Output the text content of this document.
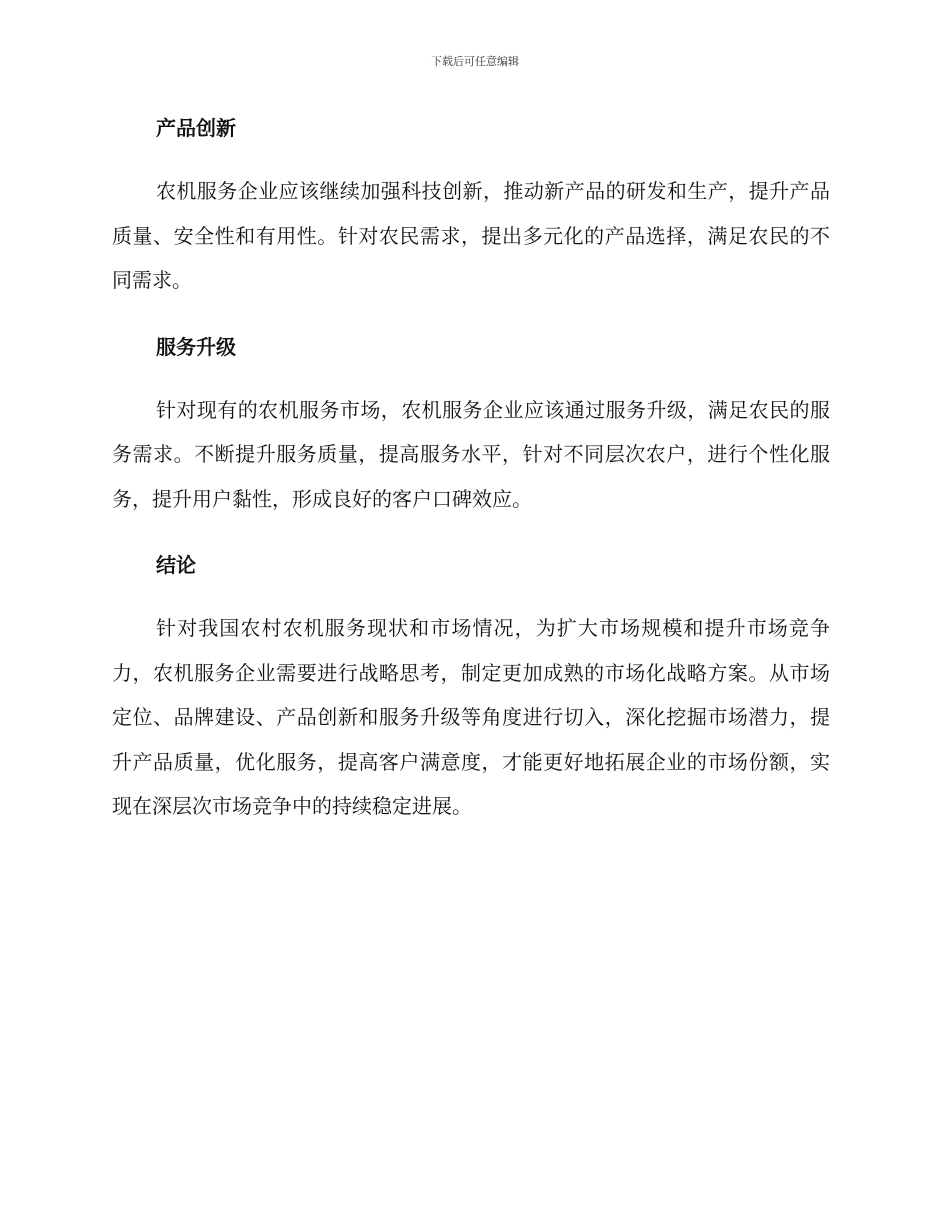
下载后可任意编辑
产品创新

农机服务企业应该继续加强科技创新，推动新产品的研发和生产，提升产品质量、安全性和有用性。针对农民需求，提出多元化的产品选择，满足农民的不同需求。

服务升级

针对现有的农机服务市场，农机服务企业应该通过服务升级，满足农民的服务需求。不断提升服务质量，提高服务水平，针对不同层次农户，进行个性化服务，提升用户黏性，形成良好的客户口碑效应。

结论

针对我国农村农机服务现状和市场情况，为扩大市场规模和提升市场竞争力，农机服务企业需要进行战略思考，制定更加成熟的市场化战略方案。从市场定位、品牌建设、产品创新和服务升级等角度进行切入，深化挖掘市场潜力，提升产品质量，优化服务，提高客户满意度，才能更好地拓展企业的市场份额，实现在深层次市场竞争中的持续稳定进展。
